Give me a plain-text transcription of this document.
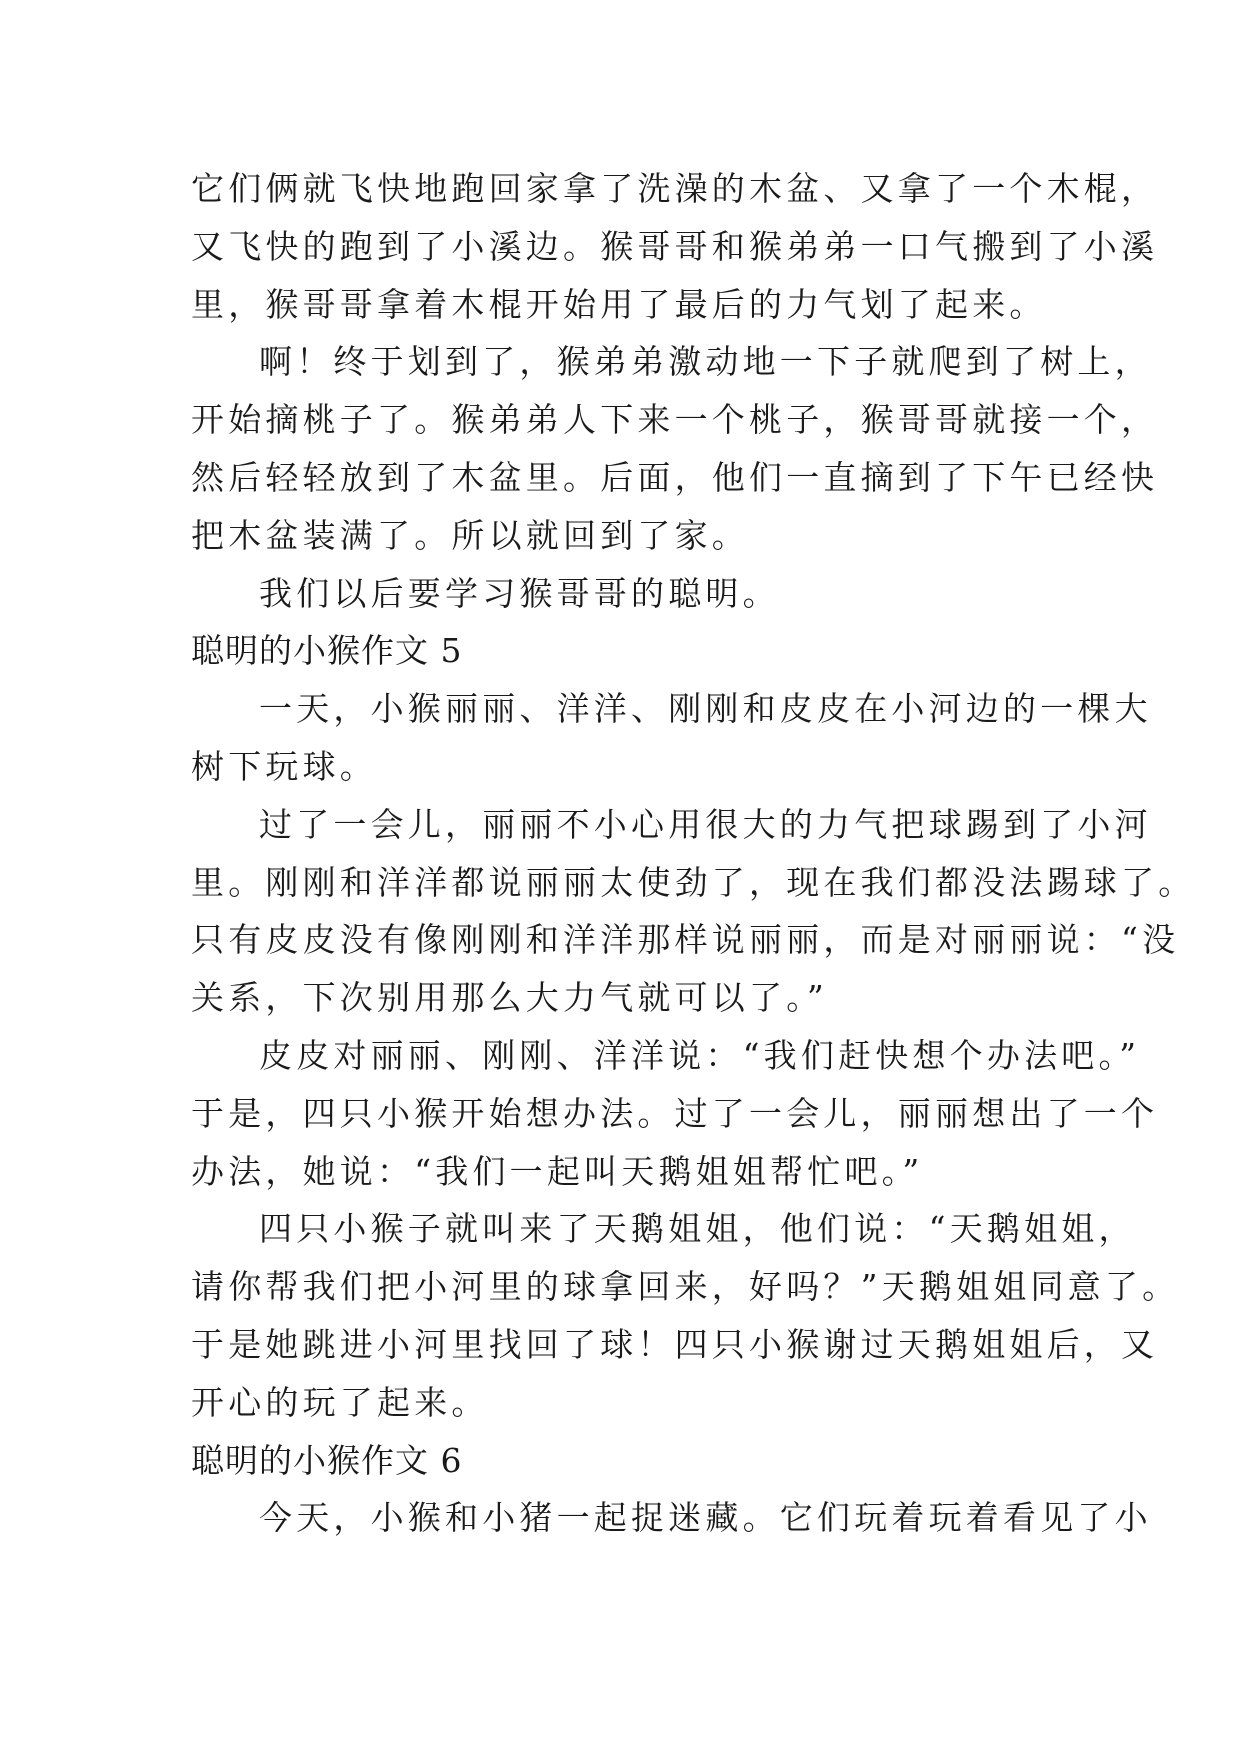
它们俩就飞快地跑回家拿了洗澡的木盆、又拿了一个木棍，
又飞快的跑到了小溪边。猴哥哥和猴弟弟一口气搬到了小溪
里，猴哥哥拿着木棍开始用了最后的力气划了起来。
啊！终于划到了，猴弟弟激动地一下子就爬到了树上，
开始摘桃子了。猴弟弟人下来一个桃子，猴哥哥就接一个，
然后轻轻放到了木盆里。后面，他们一直摘到了下午已经快
把木盆装满了。所以就回到了家。
我们以后要学习猴哥哥的聪明。
聪明的小猴作文 5
一天，小猴丽丽、洋洋、刚刚和皮皮在小河边的一棵大
树下玩球。
过了一会儿，丽丽不小心用很大的力气把球踢到了小河
里。刚刚和洋洋都说丽丽太使劲了，现在我们都没法踢球了。
只有皮皮没有像刚刚和洋洋那样说丽丽，而是对丽丽说：“没
关系，下次别用那么大力气就可以了。”
皮皮对丽丽、刚刚、洋洋说：“我们赶快想个办法吧。”
于是，四只小猴开始想办法。过了一会儿，丽丽想出了一个
办法，她说：“我们一起叫天鹅姐姐帮忙吧。”
四只小猴子就叫来了天鹅姐姐，他们说：“天鹅姐姐，
请你帮我们把小河里的球拿回来，好吗？”天鹅姐姐同意了。
于是她跳进小河里找回了球！四只小猴谢过天鹅姐姐后，又
开心的玩了起来。
聪明的小猴作文 6
今天，小猴和小猪一起捉迷藏。它们玩着玩着看见了小
